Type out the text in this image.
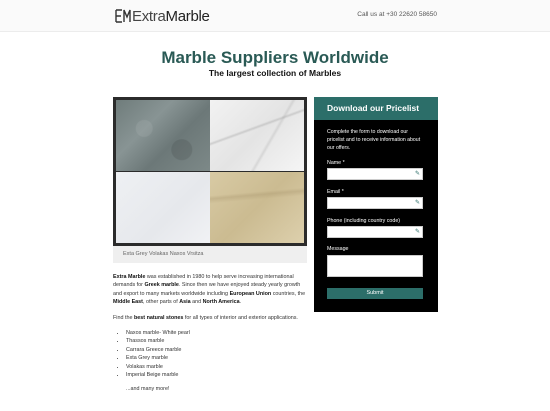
ExtraMarble	Call us at +30 22620 58650
Marble Suppliers Worldwide
The largest collection of Marbles
Exta Grey Volakas Naxos Vrsitza

Extra Marble was established in 1980 to help serve increasing international demands for Greek marble. Since then we have enjoyed steady yearly growth and export to many markets worldwide including European Union countries, the Middle East, other parts of Asia and North America.

Find the best natural stones for all types of interior and exterior applications.

• Naxos marble- White pearl
• Thassos marble
• Carrara Greece marble
• Exta Grey marble
• Volakas marble
• Imperial Beige marble

...and many more!

Download our Pricelist
Complete the form to download our pricelist and to receive information about our offers.
Name *
✎
Email *
✎
Phone (including country code)
✎
Message
Submit
